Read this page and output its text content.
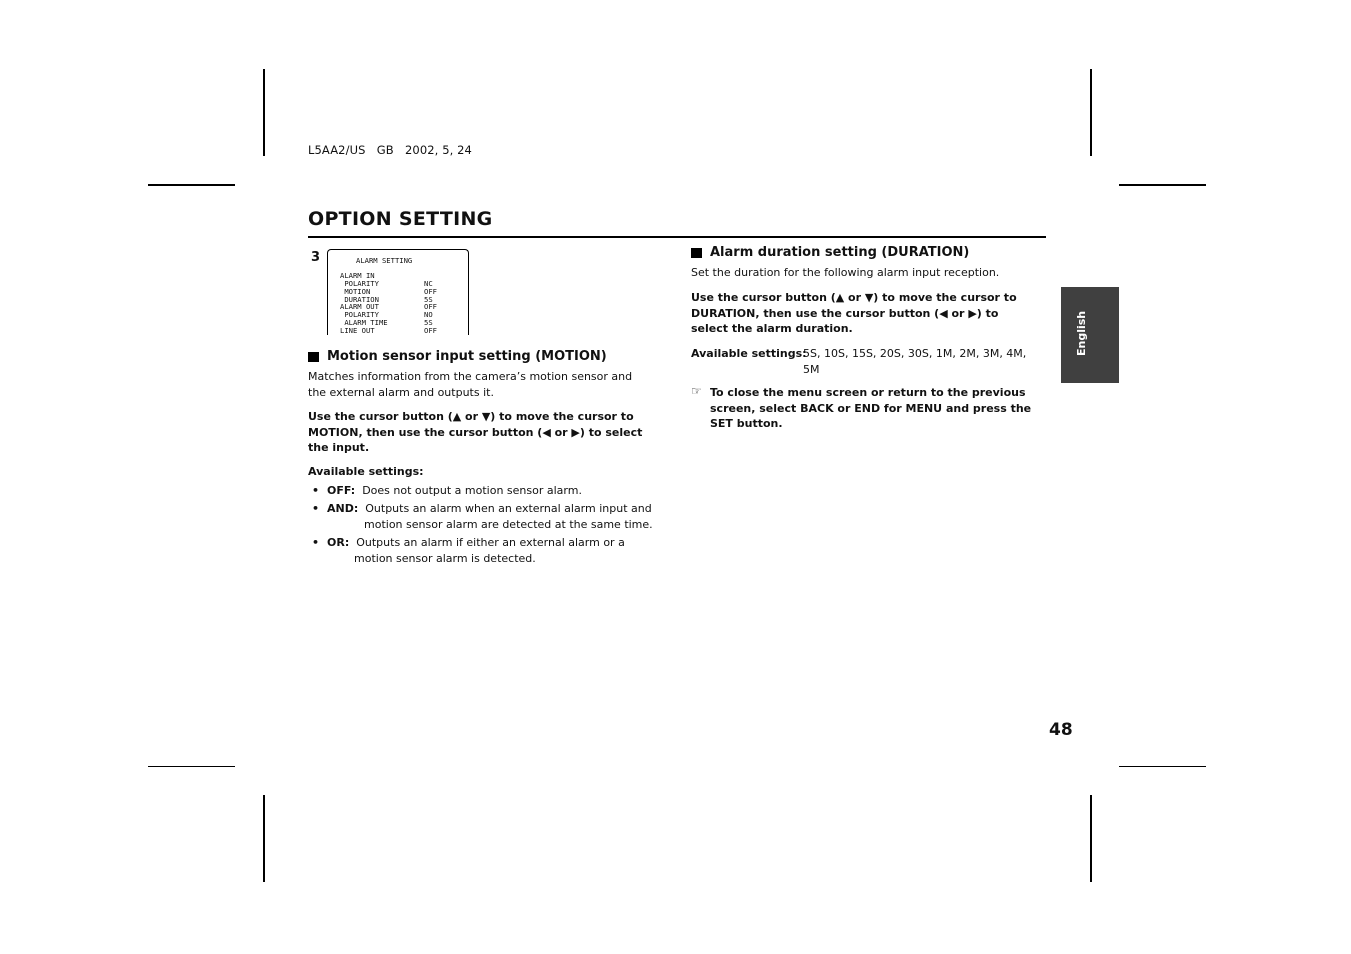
L5AA2/US   GB   2002, 5, 24
OPTION SETTING
3	ALARM SETTING
ALARM IN
POLARITY	NC
MOTION	OFF
DURATION	5S
ALARM OUT	OFF
POLARITY	NO
ALARM TIME	5S
LINE OUT	OFF
Motion sensor input setting (MOTION)
Matches information from the camera’s motion sensor and the external alarm and outputs it.
Use the cursor button (▲ or ▼) to move the cursor to MOTION, then use the cursor button (◀ or ▶) to select the input.
Available settings:
• OFF: Does not output a motion sensor alarm.
• AND: Outputs an alarm when an external alarm input and motion sensor alarm are detected at the same time.
• OR: Outputs an alarm if either an external alarm or a motion sensor alarm is detected.
Alarm duration setting (DURATION)
Set the duration for the following alarm input reception.
Use the cursor button (▲ or ▼) to move the cursor to DURATION, then use the cursor button (◀ or ▶) to select the alarm duration.
Available settings:
5S, 10S, 15S, 20S, 30S, 1M, 2M, 3M, 4M, 5M
☞ To close the menu screen or return to the previous screen, select BACK or END for MENU and press the SET button.
English
48
